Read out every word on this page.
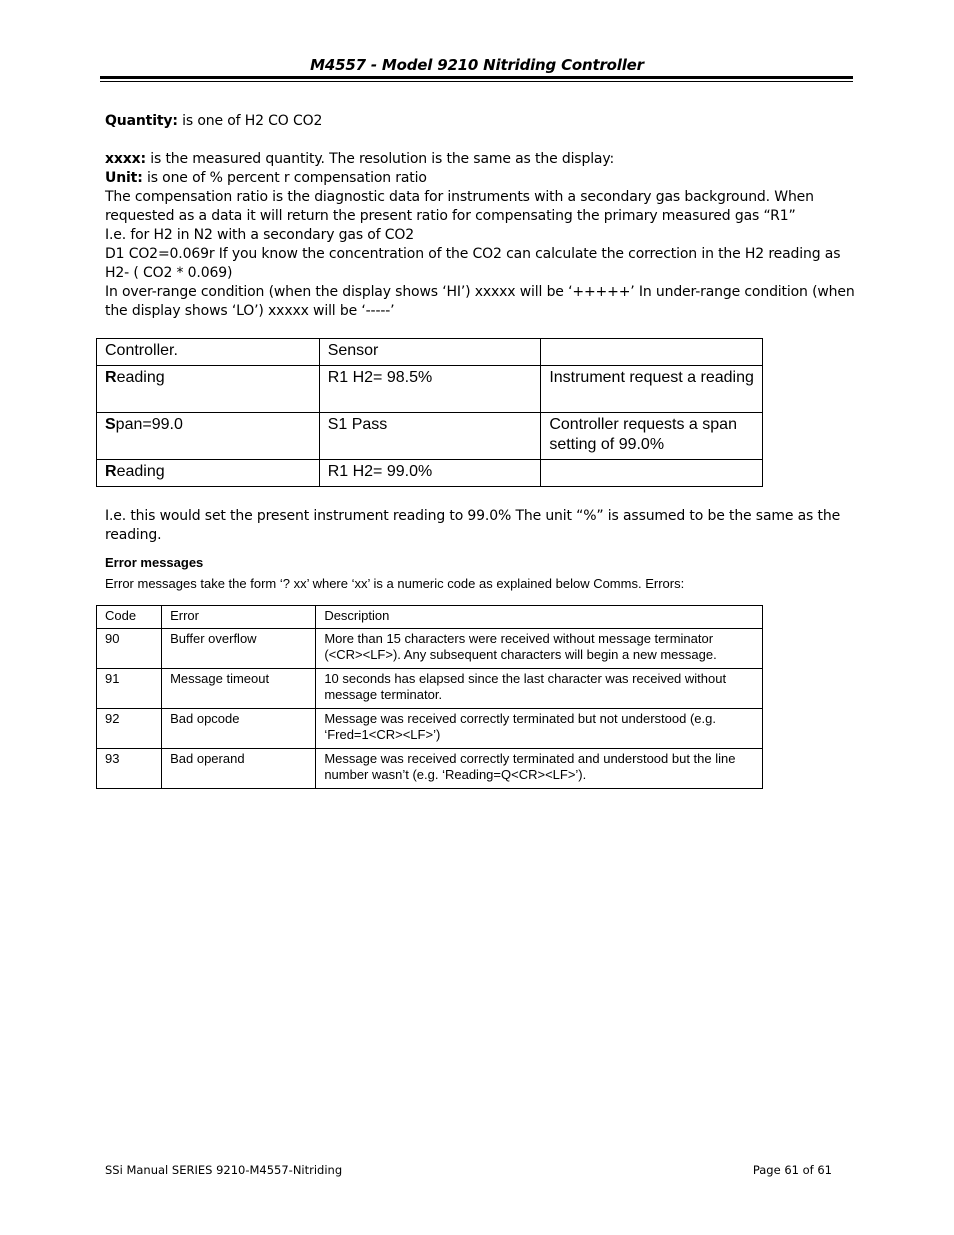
M4557 - Model 9210 Nitriding Controller

Quantity: is one of H2 CO CO2

xxxx: is the measured quantity. The resolution is the same as the display:

Unit: is one of % percent r compensation ratio

The compensation ratio is the diagnostic data for instruments with a secondary gas background. When requested as a data it will return the present ratio for compensating the primary measured gas “R1”

I.e. for H2 in N2 with a secondary gas of CO2

D1 CO2=0.069r If you know the concentration of the CO2 can calculate the correction in the H2 reading as H2- ( CO2 * 0.069)

In over-range condition (when the display shows ‘HI’) xxxxx will be ‘+++++’ In under-range condition (when the display shows ‘LO’) xxxxx will be ‘-----’

Controller.	Sensor	
Reading	R1 H2= 98.5%	Instrument request a reading
Span=99.0	S1 Pass	Controller requests a span setting of 99.0%
Reading	R1 H2= 99.0%	

I.e. this would set the present instrument reading to 99.0% The unit “%” is assumed to be the same as the reading.

Error messages
Error messages take the form ‘? xx’ where ‘xx’ is a numeric code as explained below Comms. Errors:
Code	Error	Description
90	Buffer overflow	More than 15 characters were received without message terminator (<CR><LF>). Any subsequent characters will begin a new message.
91	Message timeout	10 seconds has elapsed since the last character was received without message terminator.
92	Bad opcode	Message was received correctly terminated but not understood (e.g. ‘Fred=1<CR><LF>’)
93	Bad operand	Message was received correctly terminated and understood but the line number wasn’t (e.g. ‘Reading=Q<CR><LF>’).
SSi Manual SERIES 9210-M4557-Nitriding	Page 61 of 61
